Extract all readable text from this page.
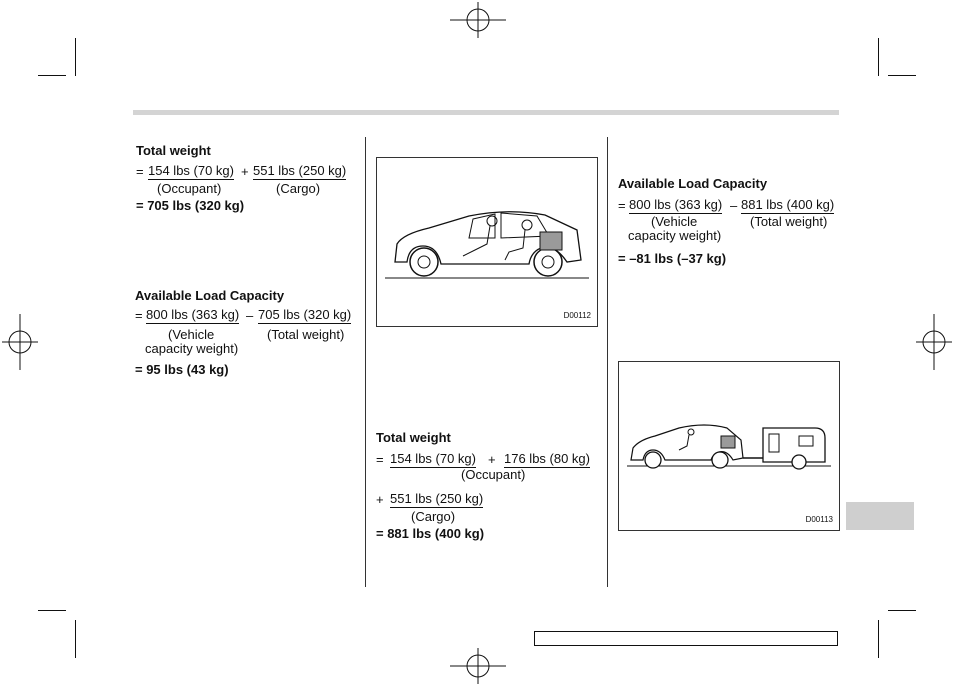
Total weight
= 154 lbs (70 kg) + 551 lbs (250 kg)
(Occupant)	(Cargo)
= 705 lbs (320 kg)
Available Load Capacity
= 800 lbs (363 kg) – 705 lbs (320 kg)
(Vehicle
capacity weight)
(Total weight)
= 95 lbs (43 kg)
D00112
Total weight
= 154 lbs (70 kg) + 176 lbs (80 kg)
(Occupant)
+ 551 lbs (250 kg)
(Cargo)
= 881 lbs (400 kg)
Available Load Capacity
= 800 lbs (363 kg) – 881 lbs (400 kg)
(Vehicle
capacity weight)
(Total weight)
= –81 lbs (–37 kg)
D00113
